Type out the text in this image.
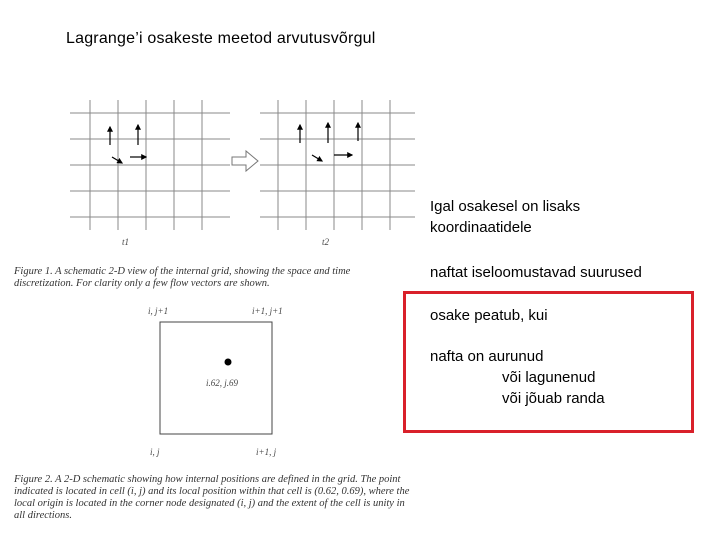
Lagrange’i osakeste meetod arvutusvõrgul
t1	t2
Figure 1. A schematic 2-D view of the internal grid, showing the space and time discretization. For clarity only a few flow vectors are shown.
i, j+1	i+1, j+1
i, j	i+1, j
i.62, j.69
Figure 2. A 2-D schematic showing how internal positions are defined in the grid. The point indicated is located in cell (i, j) and its local position within that cell is (0.62, 0.69), where the local origin is located in the corner node designated (i, j) and the extent of the cell is unity in all directions.
Igal osakesel on lisaks
koordinaatidele
naftat iseloomustavad suurused
osake peatub, kui
nafta on aurunud

või lagunenud
või jõuab randa
